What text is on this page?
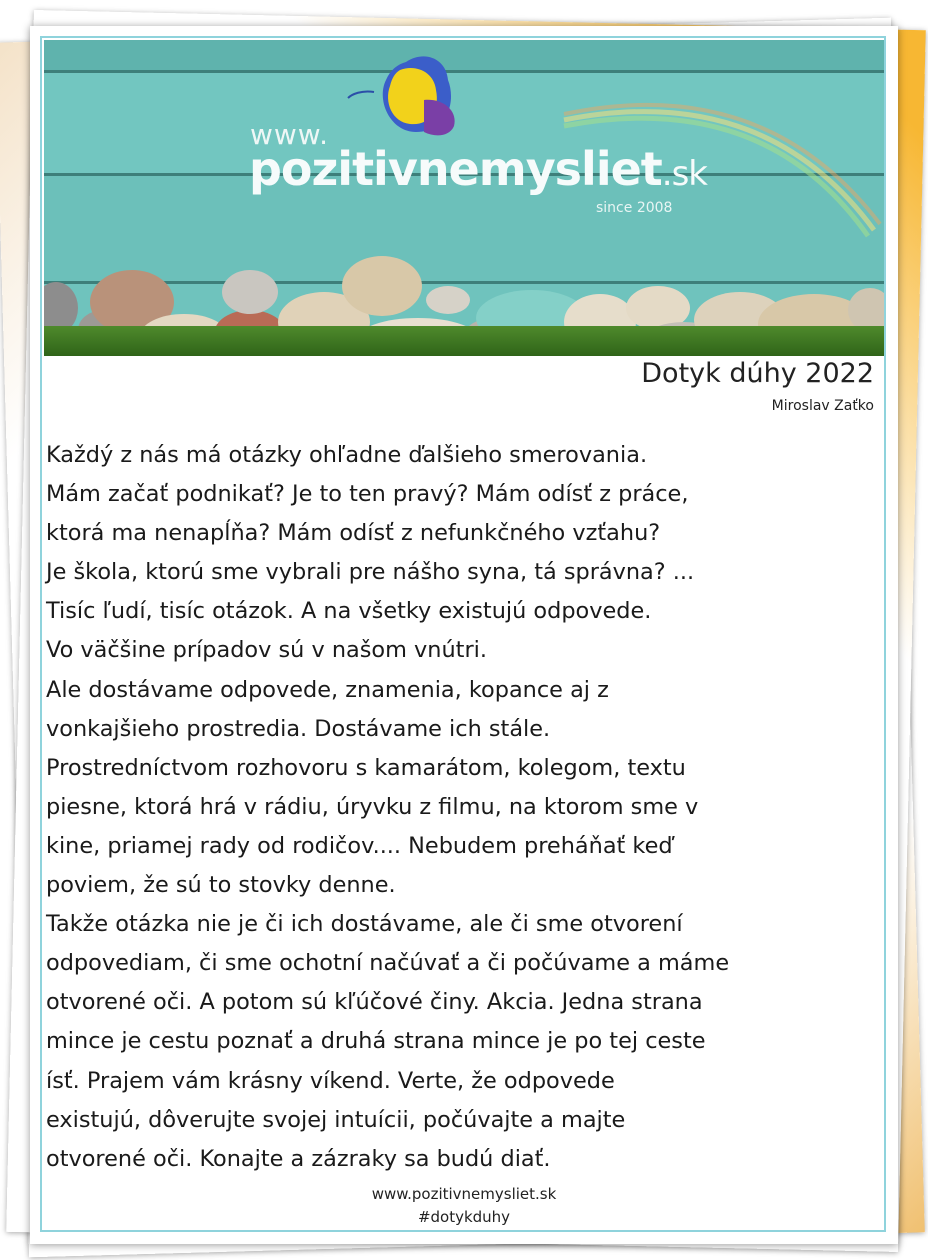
www.
pozitivnemysliet.sk
since 2008
Dotyk dúhy 2022
Miroslav Zaťko
Každý z nás má otázky ohľadne ďalšieho smerovania.
Mám začať podnikať? Je to ten pravý? Mám odísť z práce,
ktorá ma nenapĺňa? Mám odísť z nefunkčného vzťahu?
Je škola, ktorú sme vybrali pre nášho syna, tá správna? ...
Tisíc ľudí, tisíc otázok. A na všetky existujú odpovede.
Vo väčšine prípadov sú v našom vnútri.
Ale dostávame odpovede, znamenia, kopance aj z
vonkajšieho prostredia. Dostávame ich stále.
Prostredníctvom rozhovoru s kamarátom, kolegom, textu
piesne, ktorá hrá v rádiu, úryvku z filmu, na ktorom sme v
kine, priamej rady od rodičov.... Nebudem preháňať keď
poviem, že sú to stovky denne.
Takže otázka nie je či ich dostávame, ale či sme otvorení
odpovediam, či sme ochotní načúvať a či počúvame a máme
otvorené oči. A potom sú kľúčové činy. Akcia. Jedna strana
mince je cestu poznať a druhá strana mince je po tej ceste
ísť. Prajem vám krásny víkend. Verte, že odpovede
existujú, dôverujte svojej intuícii, počúvajte a majte
otvorené oči. Konajte a zázraky sa budú diať.
www.pozitivnemysliet.sk
#dotykduhy
